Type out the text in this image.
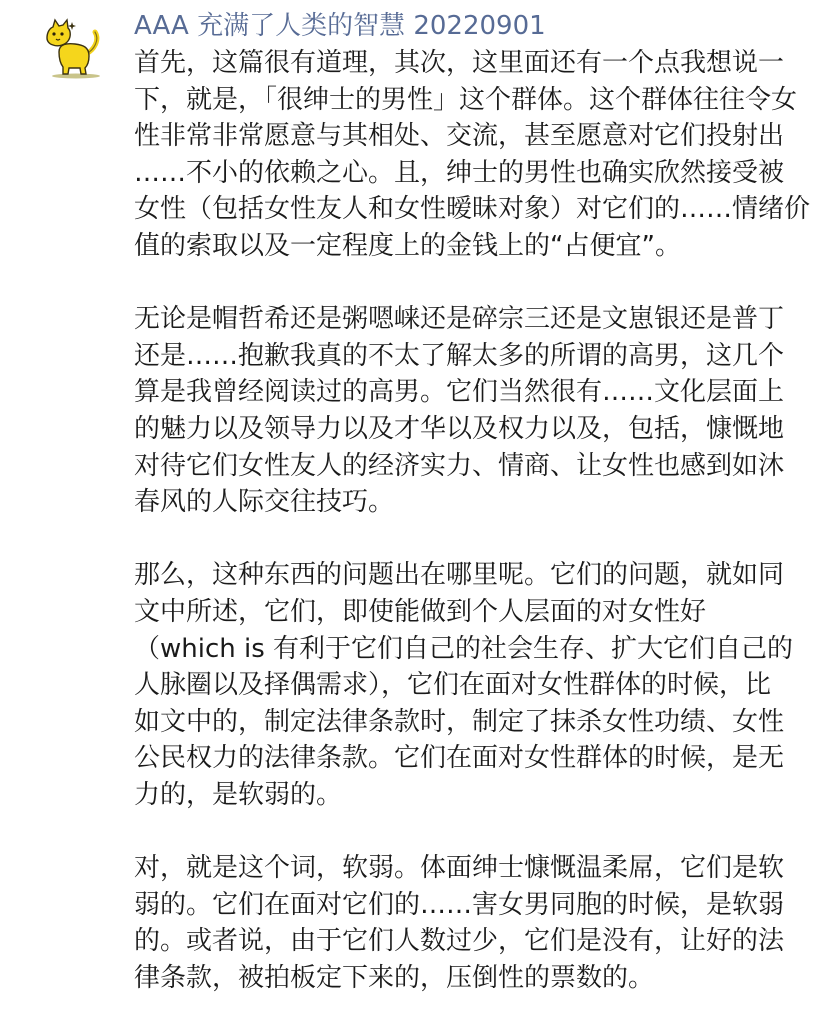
AAA 充满了人类的智慧 20220901
首先，这篇很有道理，其次，这里面还有一个点我想说一
下，就是，「很绅士的男性」这个群体。这个群体往往令女
性非常非常愿意与其相处、交流，甚至愿意对它们投射出
……不小的依赖之心。且，绅士的男性也确实欣然接受被
女性（包括女性友人和女性暧昧对象）对它们的……情绪价
值的索取以及一定程度上的金钱上的“占便宜”。
无论是帽哲希还是粥嗯崃还是碎宗三还是文崽银还是普丁
还是……抱歉我真的不太了解太多的所谓的高男，这几个
算是我曾经阅读过的高男。它们当然很有……文化层面上
的魅力以及领导力以及才华以及权力以及，包括，慷慨地
对待它们女性友人的经济实力、情商、让女性也感到如沐
春风的人际交往技巧。
那么，这种东西的问题出在哪里呢。它们的问题，就如同
文中所述，它们，即使能做到个人层面的对女性好
（which is 有利于它们自己的社会生存、扩大它们自己的
人脉圈以及择偶需求），它们在面对女性群体的时候，比
如文中的，制定法律条款时，制定了抹杀女性功绩、女性
公民权力的法律条款。它们在面对女性群体的时候，是无
力的，是软弱的。
对，就是这个词，软弱。体面绅士慷慨温柔屌，它们是软
弱的。它们在面对它们的……害女男同胞的时候，是软弱
的。或者说，由于它们人数过少，它们是没有，让好的法
律条款，被拍板定下来的，压倒性的票数的。
